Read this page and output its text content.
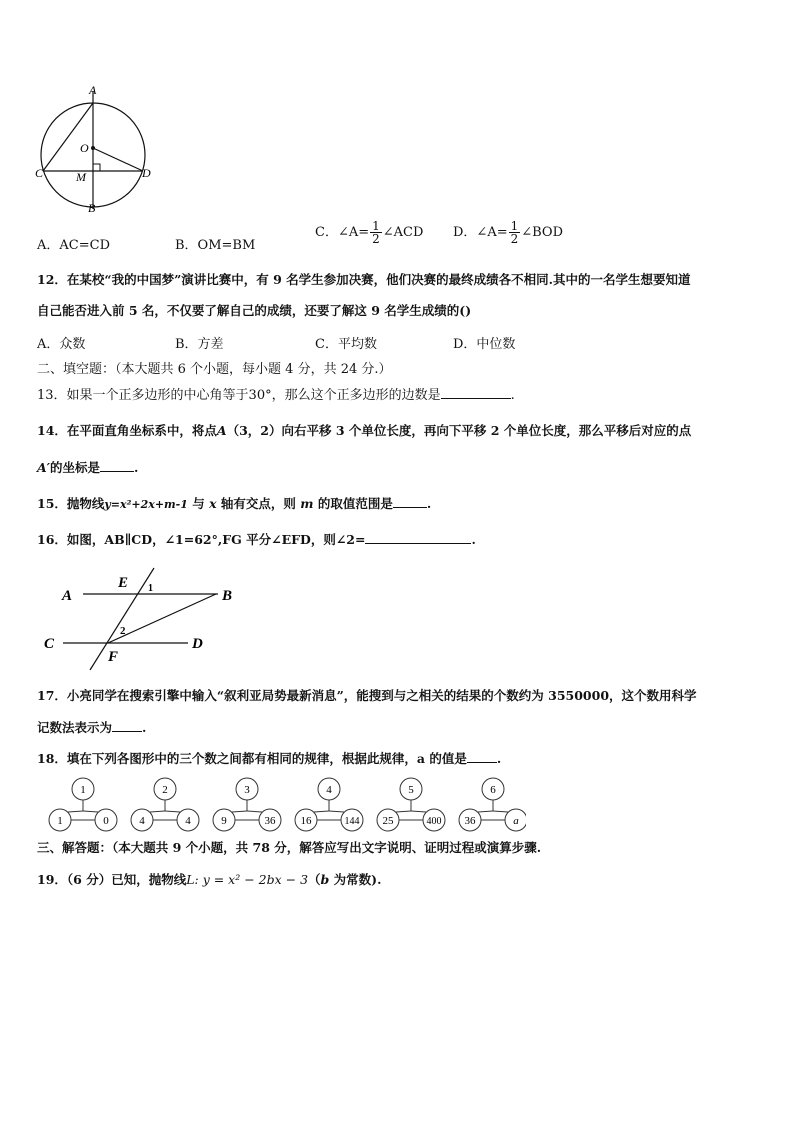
A
O
C	M	D
B
A．AC=CD	B．OM=BM
C．∠A= $\frac{1}{2}$ ∠ACD D．∠A= $\frac{1}{2}$ ∠BOD
12．在某校“我的中国梦”演讲比赛中，有 9 名学生参加决赛，他们决赛的最终成绩各不相同.其中的一名学生想要知道
自己能否进入前 5 名，不仅要了解自己的成绩，还要了解这 9 名学生成绩的()
A．众数	B．方差	C．平均数	D．中位数
二、填空题：（本大题共 6 个小题，每小题 4 分，共 24 分.）
13．如果一个正多边形的中心角等于30°，那么这个正多边形的边数是	.
14．在平面直角坐标系中，将点A（3，2）向右平移 3 个单位长度，再向下平移 2 个单位长度，那么平移后对应的点
A′的坐标是	.
15．抛物线y=x²+2x+m-1 与 x 轴有交点，则 m 的取值范围是	.
16．如图，AB∥CD，∠1=62°,FG 平分∠EFD，则∠2=	.
A
E 1	B
2
C
F
D
17．小亮同学在搜索引擎中输入“叙利亚局势最新消息”，能搜到与之相关的结果的个数约为 3550000，这个数用科学
记数法表示为 .
18．填在下列各图形中的三个数之间都有相同的规律，根据此规律，a 的值是 .
1
1	0
2
4	4
3
9	36
4
16	144
5
25	400
6
36	a
三、解答题：（本大题共 9 个小题，共 78 分，解答应写出文字说明、证明过程或演算步骤.
19．（6 分）已知，抛物线L: y = x² − 2bx − 3（b 为常数).
